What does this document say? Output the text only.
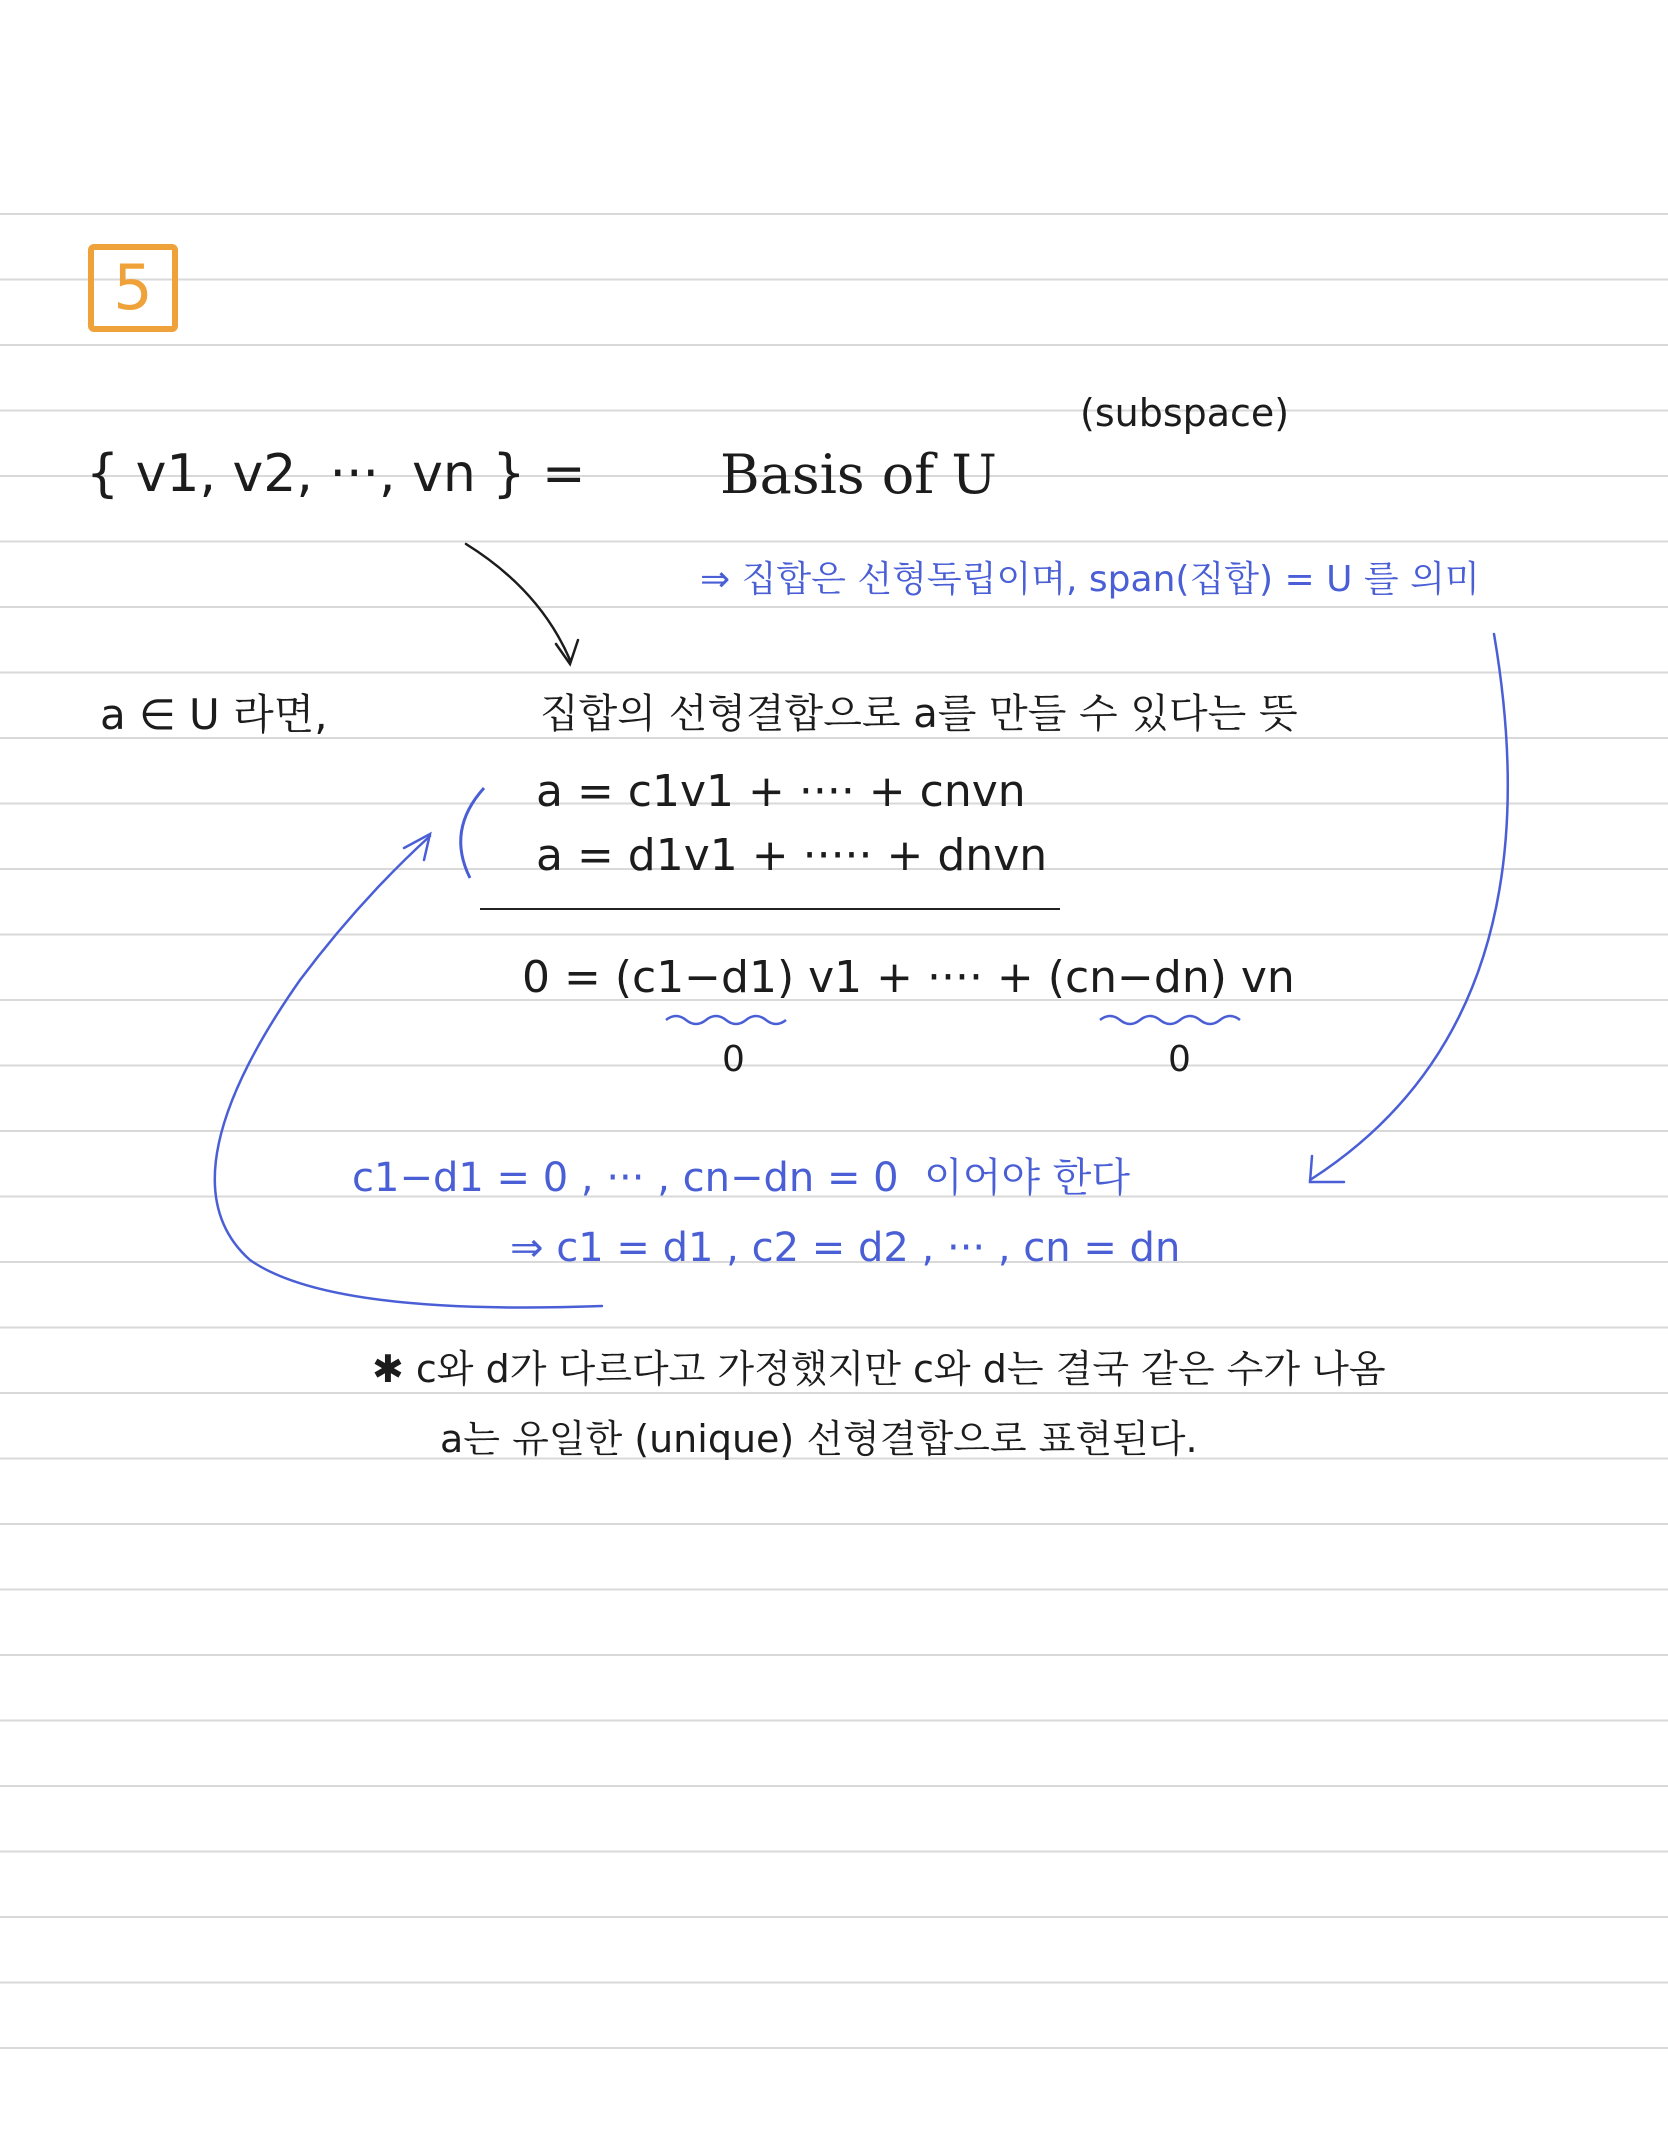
5
{ v1, v2, ···, vn } = Basis of U
(subspace)
⇒ 집합은 선형독립이며, span(집합) = U 를 의미
a ∈ U 라면,	집합의 선형결합으로 a를 만들 수 있다는 뜻
a = c1v1 + ···· + cnvn
a = d1v1 + ····· + dnvn
0 = (c1−d1) v1 + ···· + (cn−dn) vn
0	0
c1−d1 = 0 , ··· , cn−dn = 0  이어야 한다
⇒ c1 = d1 , c2 = d2 , ··· , cn = dn
✱ c와 d가 다르다고 가정했지만 c와 d는 결국 같은 수가 나옴
a는 유일한 (unique) 선형결합으로 표현된다.
